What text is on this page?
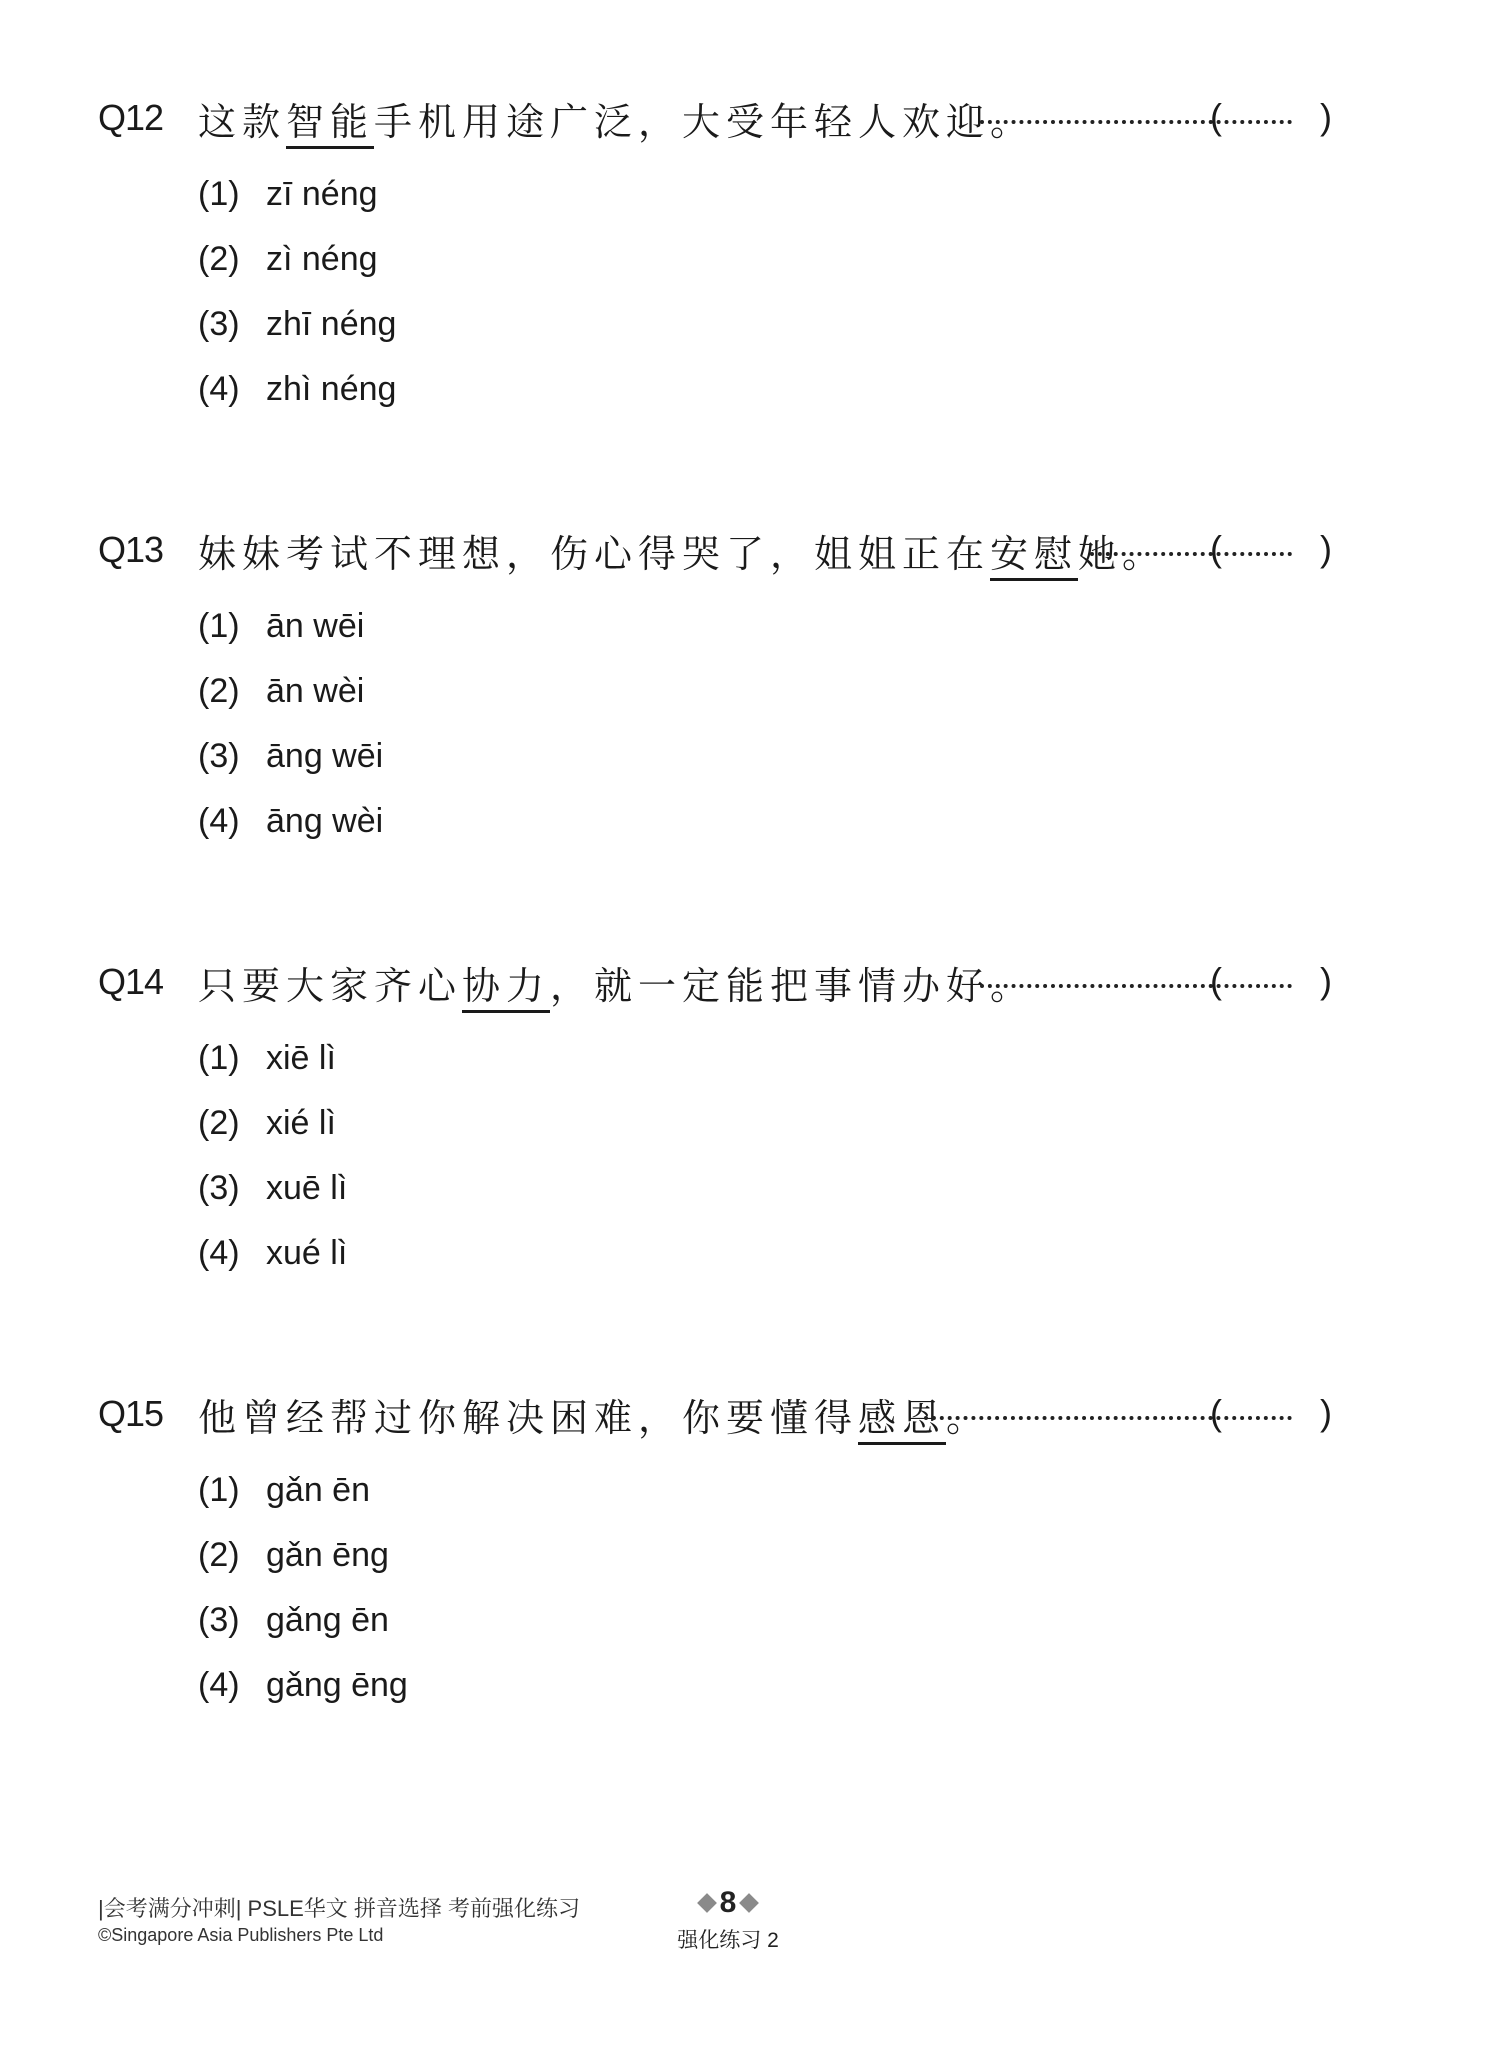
Q12 这款智能手机用途广泛，大受年轻人欢迎。	(	)
(1) zī néng
(2) zì néng
(3) zhī néng
(4) zhì néng
Q13 妹妹考试不理想，伤心得哭了，姐姐正在安慰她。 (	)
(1) ān wēi
(2) ān wèi
(3) āng wēi
(4) āng wèi
Q14 只要大家齐心协力，就一定能把事情办好。	(	)
(1) xiē lì
(2) xié lì
(3) xuē lì
(4) xué lì
Q15 他曾经帮过你解决困难，你要懂得感恩。	(	)
(1) gǎn ēn
(2) gǎn ēng
(3) gǎng ēn
(4) gǎng ēng
|会考满分冲刺| PSLE华文 拼音选择 考前强化练习
©Singapore Asia Publishers Pte Ltd
8
强化练习 2
